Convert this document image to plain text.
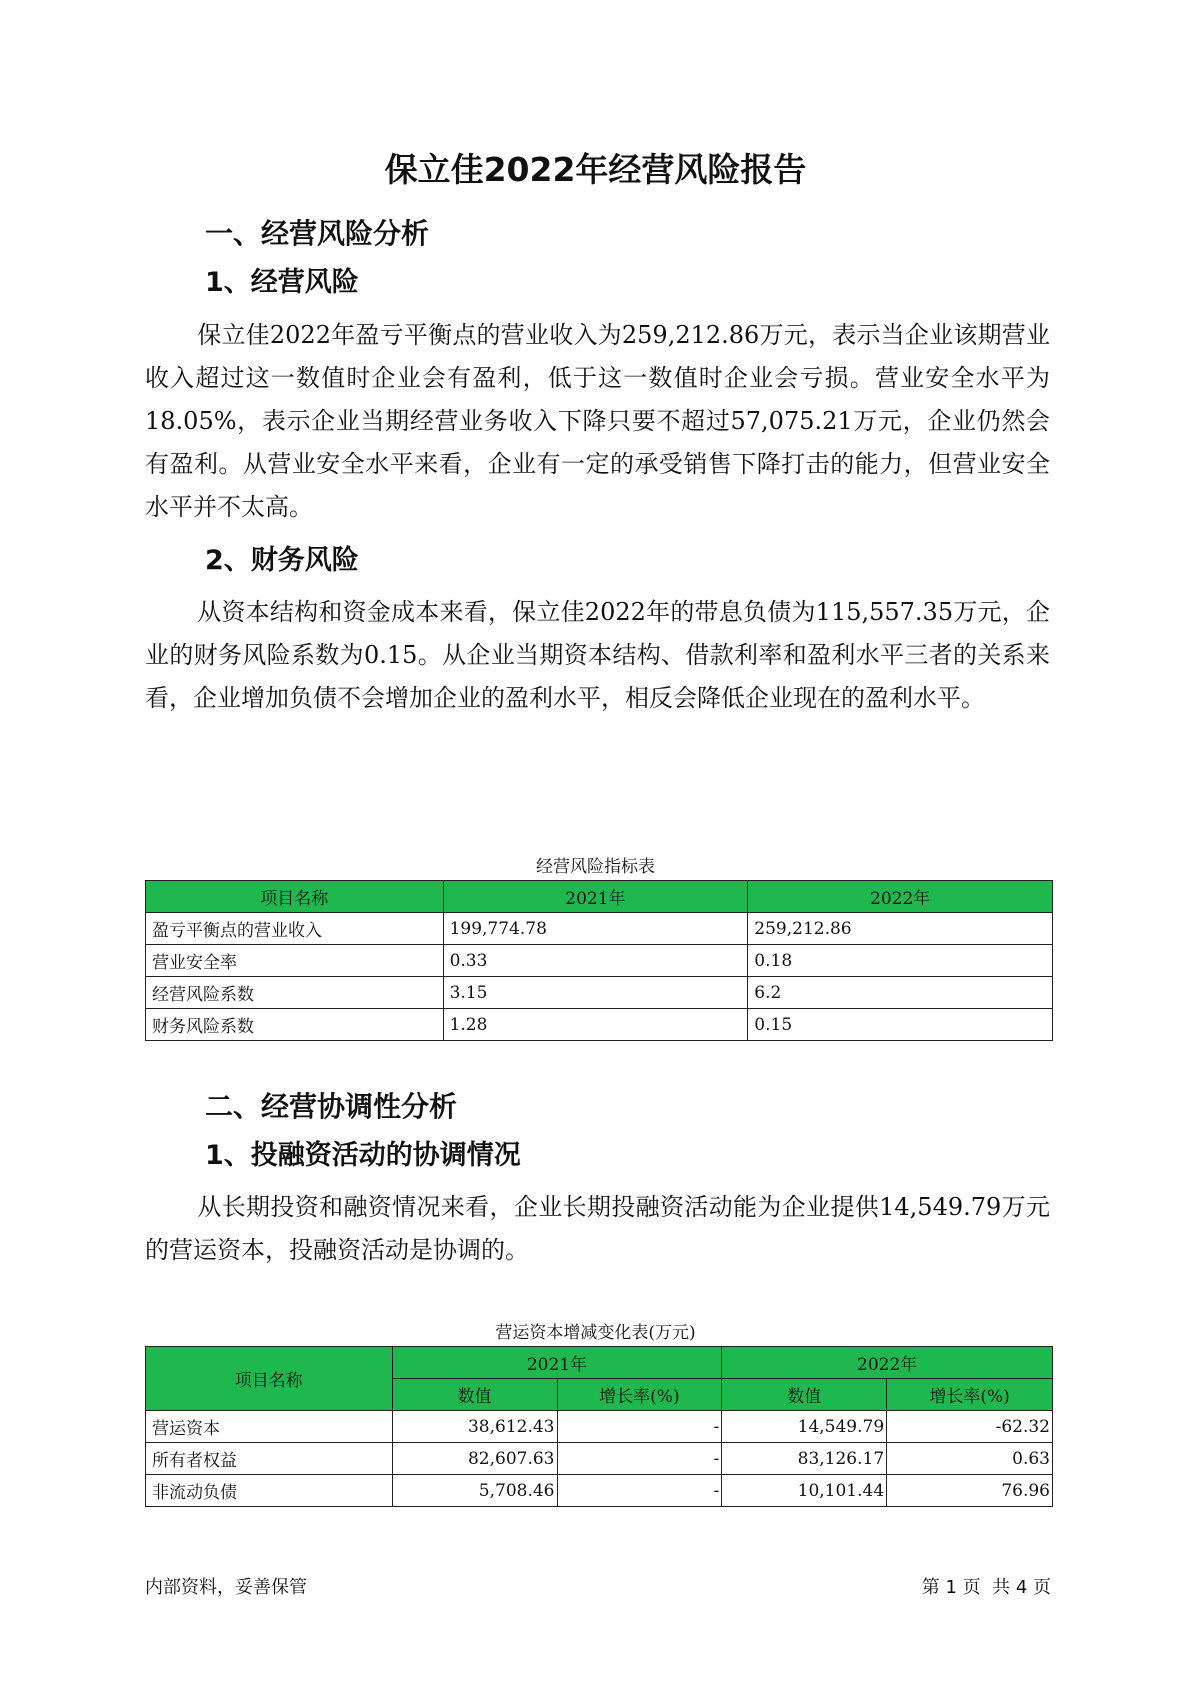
保立佳2022年经营风险报告
一、经营风险分析
1、经营风险
保立佳2022年盈亏平衡点的营业收入为259,212.86万元，表示当企业该期营业收入超过这一数值时企业会有盈利，低于这一数值时企业会亏损。营业安全水平为18.05%，表示企业当期经营业务收入下降只要不超过57,075.21万元，企业仍然会有盈利。从营业安全水平来看，企业有一定的承受销售下降打击的能力，但营业安全水平并不太高。
2、财务风险
从资本结构和资金成本来看，保立佳2022年的带息负债为115,557.35万元，企业的财务风险系数为0.15。从企业当期资本结构、借款利率和盈利水平三者的关系来看，企业增加负债不会增加企业的盈利水平，相反会降低企业现在的盈利水平。
经营风险指标表
项目名称	2021年	2022年
盈亏平衡点的营业收入	199,774.78	259,212.86
营业安全率	0.33	0.18
经营风险系数	3.15	6.2
财务风险系数	1.28	0.15
二、经营协调性分析
1、投融资活动的协调情况
从长期投资和融资情况来看，企业长期投融资活动能为企业提供14,549.79万元的营运资本，投融资活动是协调的。
营运资本增减变化表(万元)
项目名称	2021年		2022年	
	数值	增长率(%)	数值	增长率(%)
营运资本	38,612.43	-	14,549.79	-62.32
所有者权益	82,607.63	-	83,126.17	0.63
非流动负债	5,708.46	-	10,101.44	76.96
内部资料，妥善保管	第 1 页  共 4 页
